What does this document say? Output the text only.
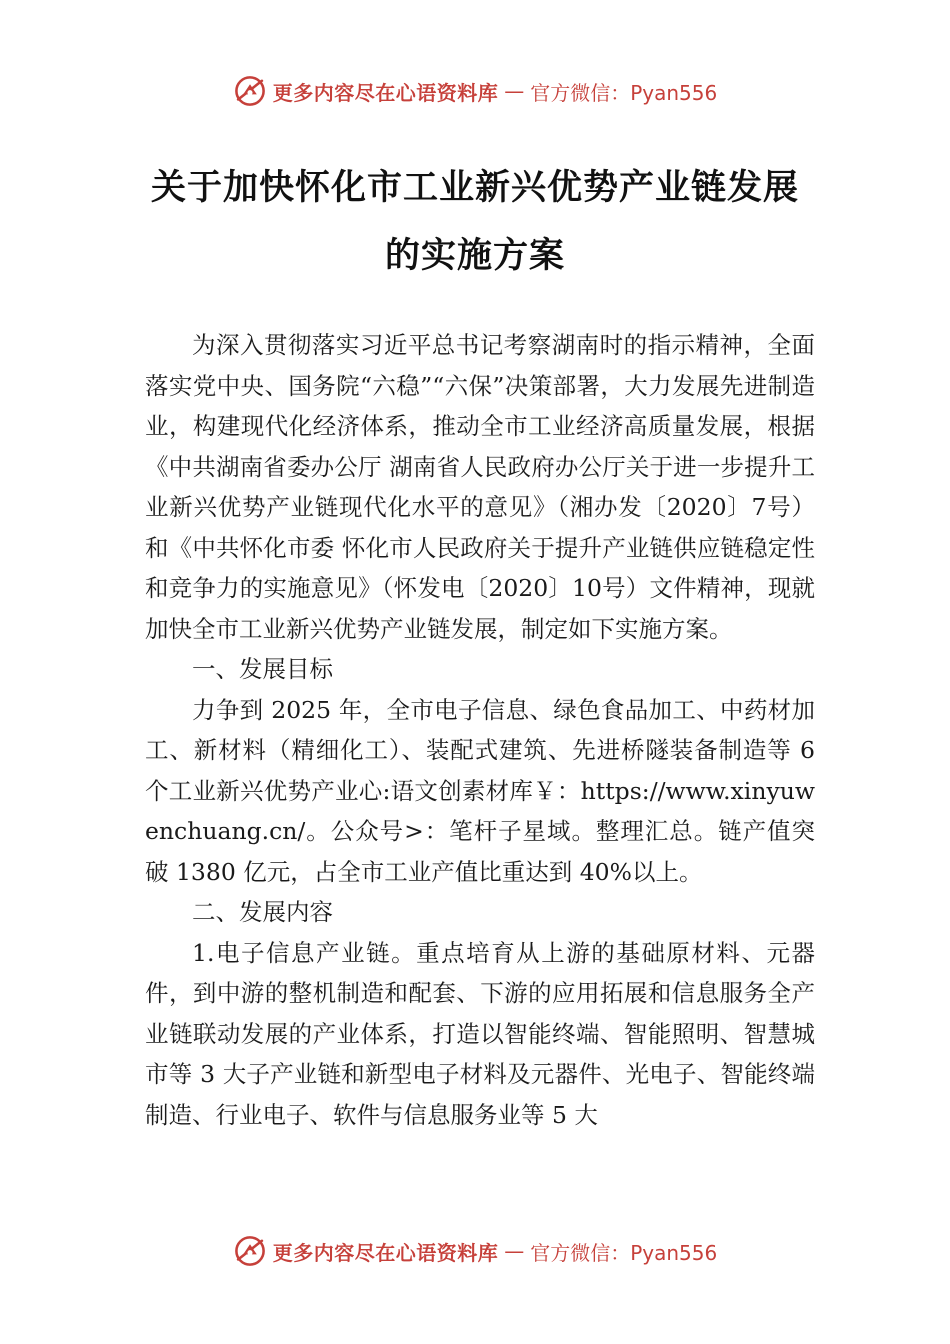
更多内容尽在心语资料库 — 官方微信：Pyan556
关于加快怀化市工业新兴优势产业链发展
的实施方案

为深入贯彻落实习近平总书记考察湖南时的指示精神，全面落实党中央、国务院“六稳”“六保”决策部署，大力发展先进制造业，构建现代化经济体系，推动全市工业经济高质量发展，根据《中共湖南省委办公厅 湖南省人民政府办公厅关于进一步提升工业新兴优势产业链现代化水平的意见》（湘办发〔2020〕7号）和《中共怀化市委 怀化市人民政府关于提升产业链供应链稳定性和竞争力的实施意见》（怀发电〔2020〕10号）文件精神，现就加快全市工业新兴优势产业链发展，制定如下实施方案。

一、发展目标

力争到 2025 年，全市电子信息、绿色食品加工、中药材加工、新材料（精细化工）、装配式建筑、先进桥隧装备制造等 6 个工业新兴优势产业心:语文创素材库￥：https://www.xinyuwenchuang.cn/。公众号>：笔杆子星域。整理汇总。链产值突破 1380 亿元，占全市工业产值比重达到 40%以上。

二、发展内容

1.电子信息产业链。重点培育从上游的基础原材料、元器件，到中游的整机制造和配套、下游的应用拓展和信息服务全产业链联动发展的产业体系，打造以智能终端、智能照明、智慧城市等 3 大子产业链和新型电子材料及元器件、光电子、智能终端制造、行业电子、软件与信息服务业等 5 大

更多内容尽在心语资料库 — 官方微信：Pyan556
